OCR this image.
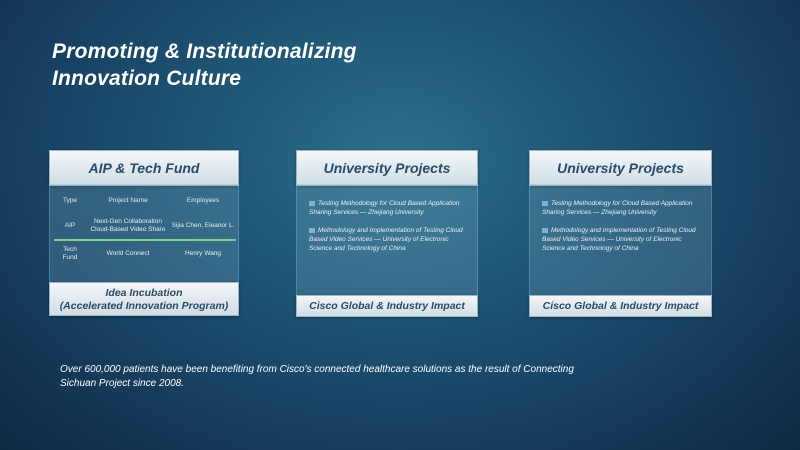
Promoting & Institutionalizing
Innovation Culture
AIP & Tech Fund
Type	Project Name	Employees
AIP	Next-Gen Collaboration Cloud-Based Video Share	Sijia Chen, Eleanor L.
Tech Fund	World Connect	Henry Wang
Idea Incubation
(Accelerated Innovation Program)
University Projects
Testing Methodology for Cloud Based Application Sharing Services — Zhejiang University
Methodology and Implementation of Testing Cloud Based Video Services — University of Electronic Science and Technology of China
Cisco Global & Industry Impact
University Projects
Testing Methodology for Cloud Based Application Sharing Services — Zhejiang University
Methodology and Implementation of Testing Cloud Based Video Services — University of Electronic Science and Technology of China
Cisco Global & Industry Impact
Over 600,000 patients have been benefiting from Cisco's connected healthcare solutions as the result of Connecting Sichuan Project since 2008.
